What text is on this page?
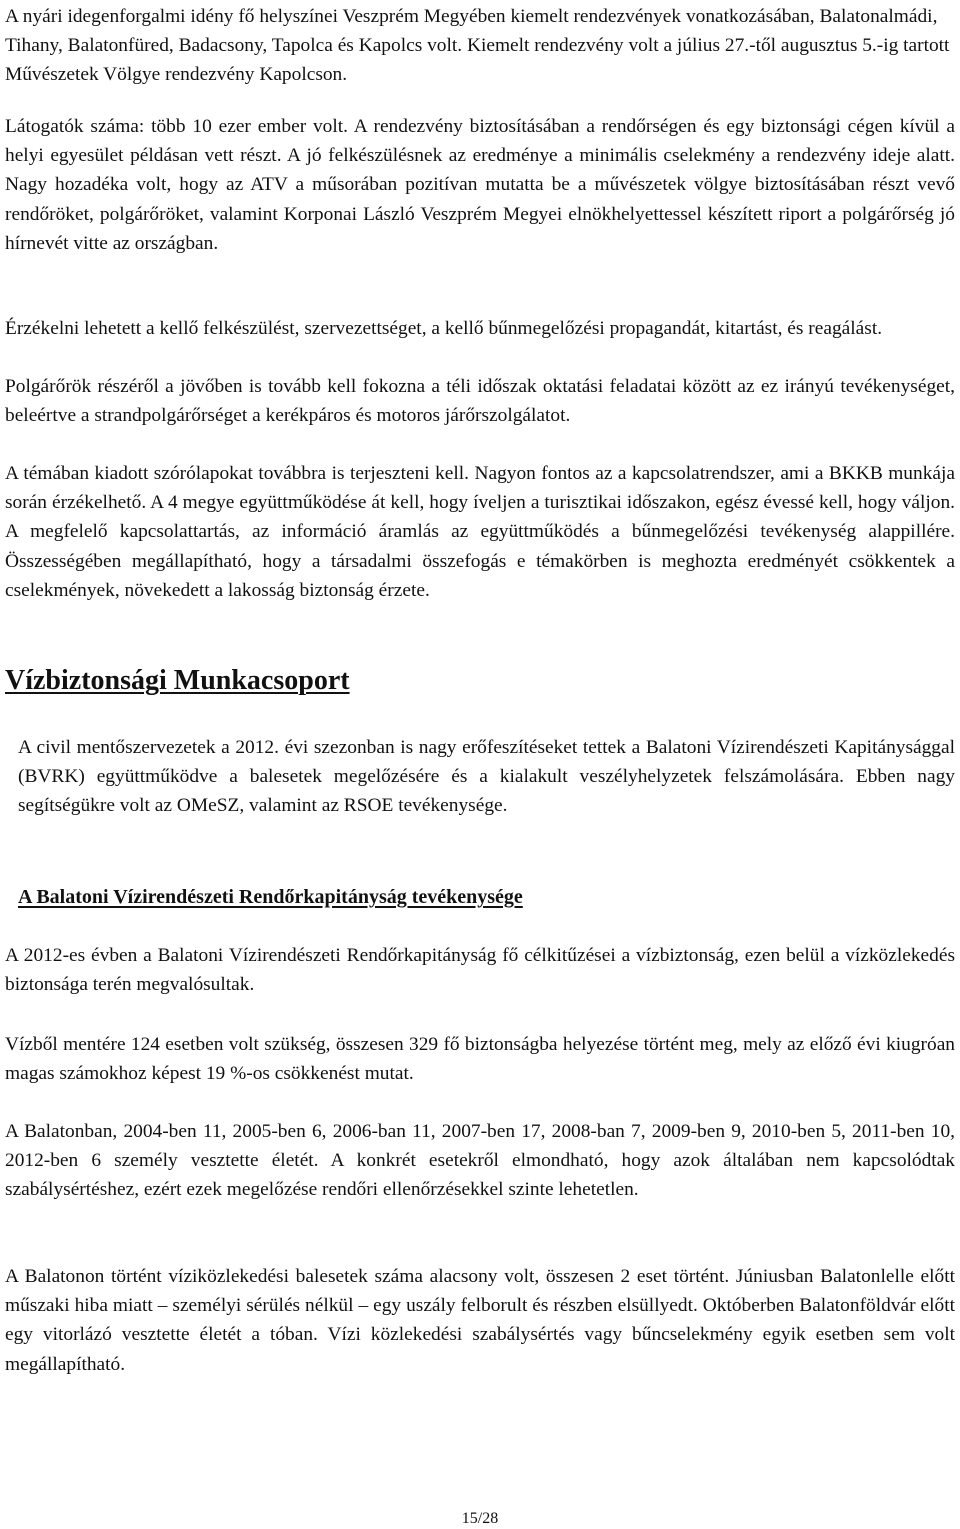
A nyári idegenforgalmi idény fő helyszínei Veszprém Megyében kiemelt rendezvények vonatkozásában, Balatonalmádi, Tihany, Balatonfüred, Badacsony, Tapolca és Kapolcs volt. Kiemelt rendezvény volt a július 27.-től augusztus 5.-ig tartott Művészetek Völgye rendezvény Kapolcson.

Látogatók száma: több 10 ezer ember volt. A rendezvény biztosításában a rendőrségen és egy biztonsági cégen kívül a helyi egyesület példásan vett részt. A jó felkészülésnek az eredménye a minimális cselekmény a rendezvény ideje alatt. Nagy hozadéka volt, hogy az ATV a műsorában pozitívan mutatta be a művészetek völgye biztosításában részt vevő rendőröket, polgárőröket, valamint Korponai László Veszprém Megyei elnökhelyettessel készített riport a polgárőrség jó hírnevét vitte az országban.

Érzékelni lehetett a kellő felkészülést, szervezettséget, a kellő bűnmegelőzési propagandát, kitartást, és reagálást.

Polgárőrök részéről a jövőben is tovább kell fokozna a téli időszak oktatási feladatai között az ez irányú tevékenységet, beleértve a strandpolgárőrséget a kerékpáros és motoros járőrszolgálatot.

A témában kiadott szórólapokat továbbra is terjeszteni kell. Nagyon fontos az a kapcsolatrendszer, ami a BKKB munkája során érzékelhető. A 4 megye együttműködése át kell, hogy íveljen a turisztikai időszakon, egész évessé kell, hogy váljon. A megfelelő kapcsolattartás, az információ áramlás az együttműködés a bűnmegelőzési tevékenység alappillére. Összességében megállapítható, hogy a társadalmi összefogás e témakörben is meghozta eredményét csökkentek a cselekmények, növekedett a lakosság biztonság érzete.

Vízbiztonsági Munkacsoport

A civil mentőszervezetek a 2012. évi szezonban is nagy erőfeszítéseket tettek a Balatoni Vízirendészeti Kapitánysággal (BVRK) együttműködve a balesetek megelőzésére és a kialakult veszélyhelyzetek felszámolására. Ebben nagy segítségükre volt az OMeSZ, valamint az RSOE tevékenysége.

A Balatoni Vízirendészeti Rendőrkapitányság tevékenysége

A 2012-es évben a Balatoni Vízirendészeti Rendőrkapitányság fő célkitűzései a vízbiztonság, ezen belül a vízközlekedés biztonsága terén megvalósultak.

Vízből mentére 124 esetben volt szükség, összesen 329 fő biztonságba helyezése történt meg, mely az előző évi kiugróan magas számokhoz képest 19 %-os csökkenést mutat.

A Balatonban, 2004-ben 11, 2005-ben 6, 2006-ban 11, 2007-ben 17, 2008-ban 7, 2009-ben 9, 2010-ben 5, 2011-ben 10, 2012-ben 6 személy vesztette életét. A konkrét esetekről elmondható, hogy azok általában nem kapcsolódtak szabálysértéshez, ezért ezek megelőzése rendőri ellenőrzésekkel szinte lehetetlen.

A Balatonon történt víziközlekedési balesetek száma alacsony volt, összesen 2 eset történt. Júniusban Balatonlelle előtt műszaki hiba miatt – személyi sérülés nélkül – egy uszály felborult és részben elsüllyedt. Októberben Balatonföldvár előtt egy vitorlázó vesztette életét a tóban. Vízi közlekedési szabálysértés vagy bűncselekmény egyik esetben sem volt megállapítható.

15/28
